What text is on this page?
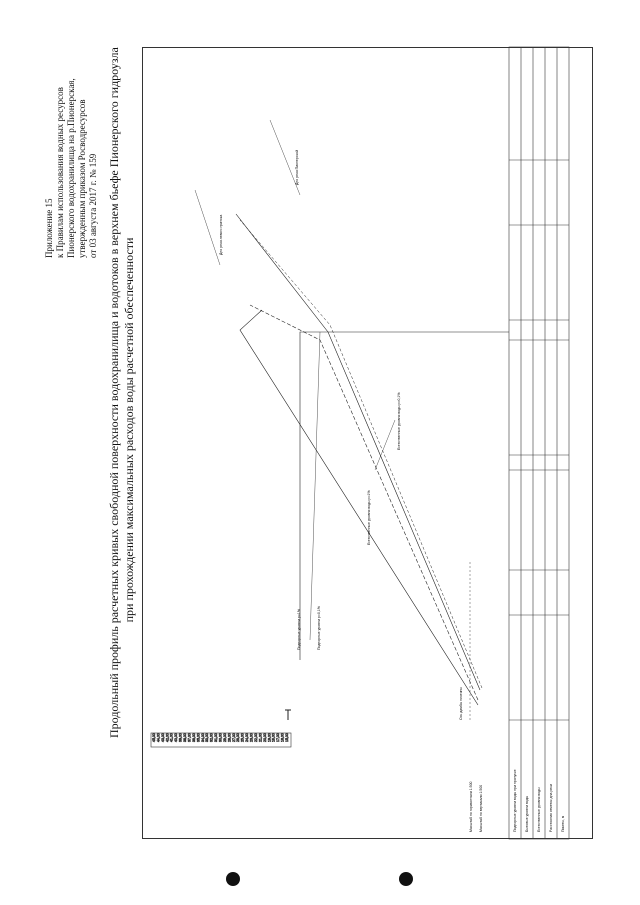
Приложение 15 к Правилам использования водных ресурсов Пионерского водохранилища на р.Пионерская, утвержденным приказом Росводресурсов от 03 августа 2017 г. № 159 Продольный профиль расчетных кривых свободной поверхности водохранилища и водотоков в верхнем бьефе Пионерского гидроузла при прохождении максимальных расходов воды расчетной обеспеченности
45,00 44,00 43,00 42,00 41,00 40,00 39,00 38,00 37,00 36,00 35,00 34,00 33,00 32,00 31,00 30,00 29,00 28,00 27,00 26,00 25,00 24,00 23,00 22,00 21,00 20,00 19,00 18,00 17,00 16,00 15,00
Ось дамбы плотины
Подпорные уровни р=1%	Подпорные уровни р=0,1%
Естественные уровни воды р=1%
Естественные уровни воды р=0,1%
Дно реки Пионерской
Дно реки левого притока
Подпорные уровни воды при пропуске Бытовые уровни воды Естественные уровни воды Расстояния отметок дна реки Пикеты, м
Масштаб по горизонтали 1:500 Масштаб по вертикали 1:500
